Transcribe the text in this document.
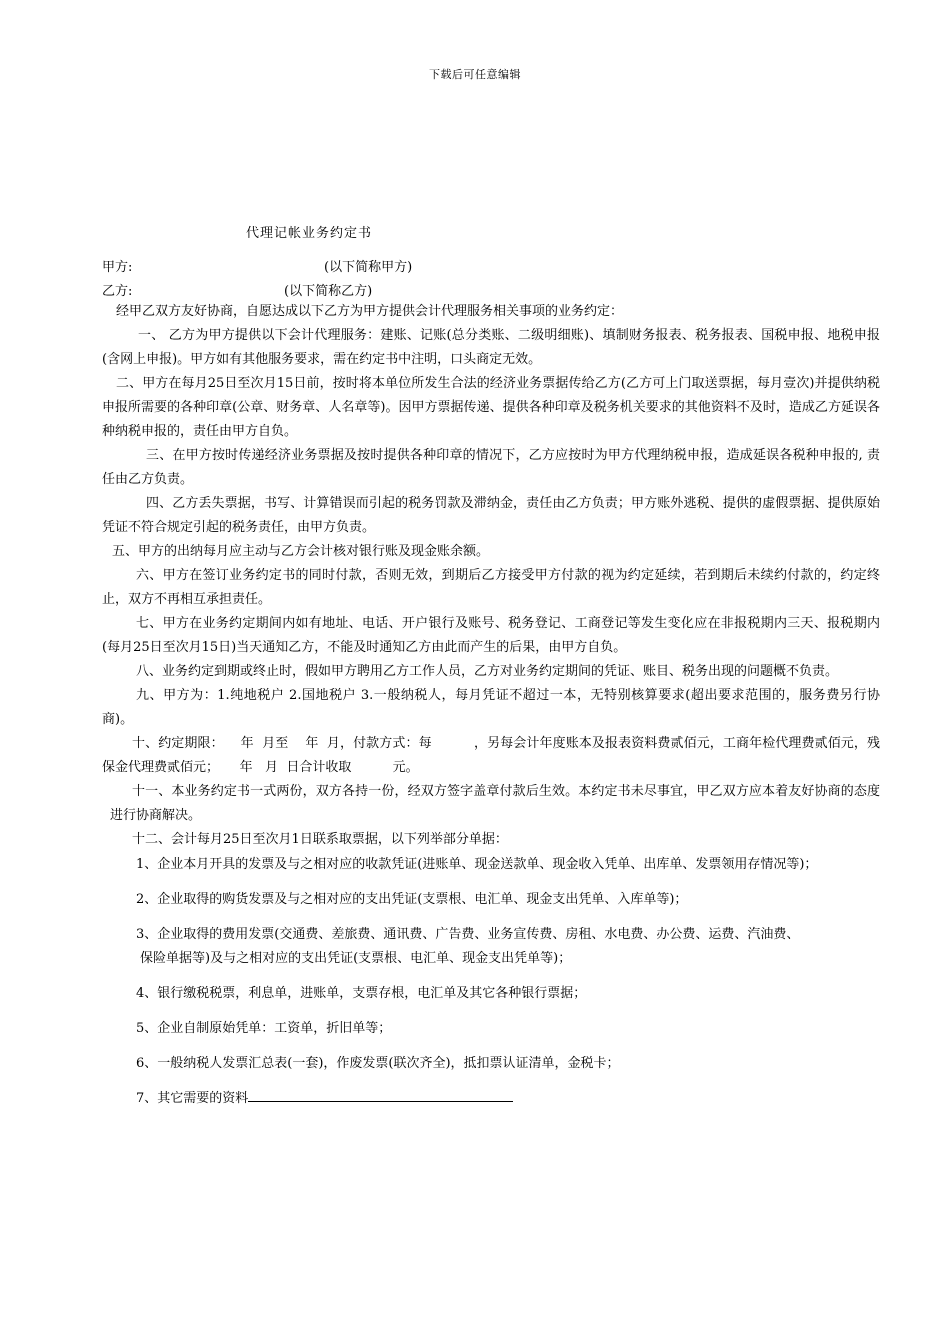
下载后可任意编辑
代理记帐业务约定书
甲方:	(以下简称甲方)
乙方:	(以下简称乙方)

经甲乙双方友好协商，自愿达成以下乙方为甲方提供会计代理服务相关事项的业务约定：

一、 乙方为甲方提供以下会计代理服务：建账、记账(总分类账、二级明细账)、填制财务报表、税务报表、国税申报、地税申报(含网上申报)。甲方如有其他服务要求，需在约定书中注明，口头商定无效。

二、甲方在每月25日至次月15日前，按时将本单位所发生合法的经济业务票据传给乙方(乙方可上门取送票据，每月壹次)并提供纳税申报所需要的各种印章(公章、财务章、人名章等)。因甲方票据传递、提供各种印章及税务机关要求的其他资料不及时，造成乙方延误各种纳税申报的，责任由甲方自负。

三、在甲方按时传递经济业务票据及按时提供各种印章的情况下，乙方应按时为甲方代理纳税申报，造成延误各税种申报的, 责任由乙方负责。

四、乙方丢失票据，书写、计算错误而引起的税务罚款及滞纳金，责任由乙方负责；甲方账外逃税、提供的虚假票据、提供原始凭证不符合规定引起的税务责任，由甲方负责。

五、甲方的出纳每月应主动与乙方会计核对银行账及现金账余额。

六、甲方在签订业务约定书的同时付款，否则无效，到期后乙方接受甲方付款的视为约定延续，若到期后未续约付款的，约定终止，双方不再相互承担责任。

七、甲方在业务约定期间内如有地址、电话、开户银行及账号、税务登记、工商登记等发生变化应在非报税期内三天、报税期内(每月25日至次月15日)当天通知乙方，不能及时通知乙方由此而产生的后果，由甲方自负。

八、业务约定到期或终止时，假如甲方聘用乙方工作人员，乙方对业务约定期间的凭证、账目、税务出现的问题概不负责。

九、甲方为：1.纯地税户 2.国地税户 3.一般纳税人，每月凭证不超过一本，无特别核算要求(超出要求范围的，服务费另行协商)。

十、约定期限：    年  月至    年  月，付款方式：每          ，另每会计年度账本及报表资料费贰佰元，工商年检代理费贰佰元，残保金代理费贰佰元；     年   月  日合计收取          元。

十一、本业务约定书一式两份，双方各持一份，经双方签字盖章付款后生效。本约定书未尽事宜，甲乙双方应本着友好协商的态度进行协商解决。

十二、会计每月25日至次月1日联系取票据，以下列举部分单据：

1、企业本月开具的发票及与之相对应的收款凭证(进账单、现金送款单、现金收入凭单、出库单、发票领用存情况等)；

2、企业取得的购货发票及与之相对应的支出凭证(支票根、电汇单、现金支出凭单、入库单等)；

3、企业取得的费用发票(交通费、差旅费、通讯费、广告费、业务宣传费、房租、水电费、办公费、运费、汽油费、

保险单据等)及与之相对应的支出凭证(支票根、电汇单、现金支出凭单等)；

4、银行缴税税票，利息单，进账单，支票存根，电汇单及其它各种银行票据；

5、企业自制原始凭单：工资单，折旧单等；

6、一般纳税人发票汇总表(一套)，作废发票(联次齐全)，抵扣票认证清单，金税卡；

7、其它需要的资料
